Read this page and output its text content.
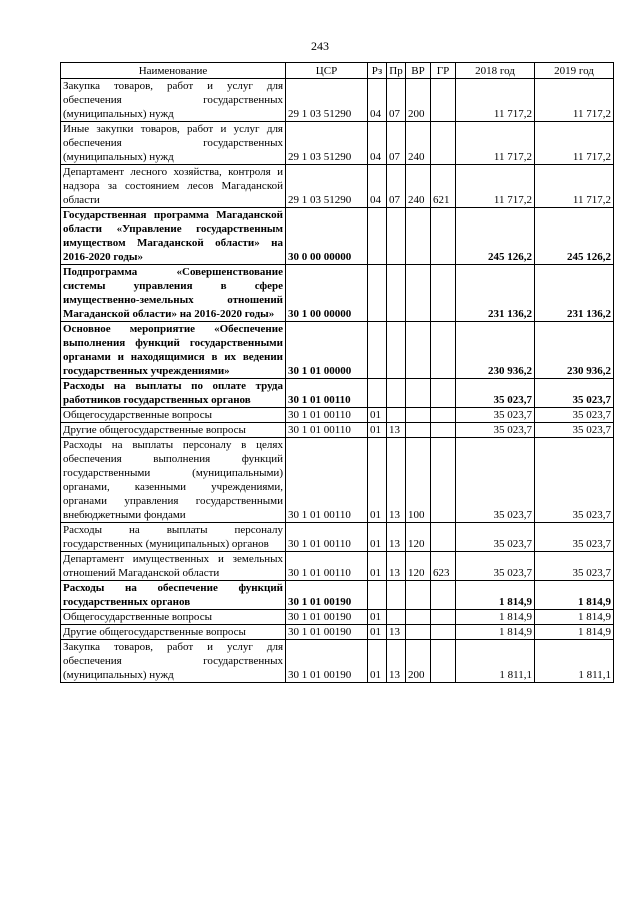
243
Наименование	ЦСР	Рз	Пр	ВР	ГР	2018 год	2019 год
Закупка товаров, работ и услуг для обеспечения государственных (муниципальных) нужд	29 1 03 51290	04	07	200		11 717,2	11 717,2
Иные закупки товаров, работ и услуг для обеспечения государственных (муниципальных) нужд	29 1 03 51290	04	07	240		11 717,2	11 717,2
Департамент лесного хозяйства, контроля и надзора за состоянием лесов Магаданской области	29 1 03 51290	04	07	240	621	11 717,2	11 717,2
Государственная программа Магаданской области «Управление государственным имуществом Магаданской области» на 2016-2020 годы»	30 0 00 00000					245 126,2	245 126,2
Подпрограмма «Совершенствование системы управления в сфере имущественно-земельных отношений Магаданской области» на 2016-2020 годы»	30 1 00 00000					231 136,2	231 136,2
Основное мероприятие «Обеспечение выполнения функций государственными органами и находящимися в их ведении государственных учреждениями»	30 1 01 00000					230 936,2	230 936,2
Расходы на выплаты по оплате труда работников государственных органов	30 1 01 00110					35 023,7	35 023,7
Общегосударственные вопросы	30 1 01 00110	01				35 023,7	35 023,7
Другие общегосударственные вопросы	30 1 01 00110	01	13			35 023,7	35 023,7
Расходы на выплаты персоналу в целях обеспечения выполнения функций государственными (муниципальными) органами, казенными учреждениями, органами управления государственными внебюджетными фондами	30 1 01 00110	01	13	100		35 023,7	35 023,7
Расходы на выплаты персоналу государственных (муниципальных) органов	30 1 01 00110	01	13	120		35 023,7	35 023,7
Департамент имущественных и земельных отношений Магаданской области	30 1 01 00110	01	13	120	623	35 023,7	35 023,7
Расходы на обеспечение функций государственных органов	30 1 01 00190					1 814,9	1 814,9
Общегосударственные вопросы	30 1 01 00190	01				1 814,9	1 814,9
Другие общегосударственные вопросы	30 1 01 00190	01	13			1 814,9	1 814,9
Закупка товаров, работ и услуг для обеспечения государственных (муниципальных) нужд	30 1 01 00190	01	13	200		1 811,1	1 811,1
